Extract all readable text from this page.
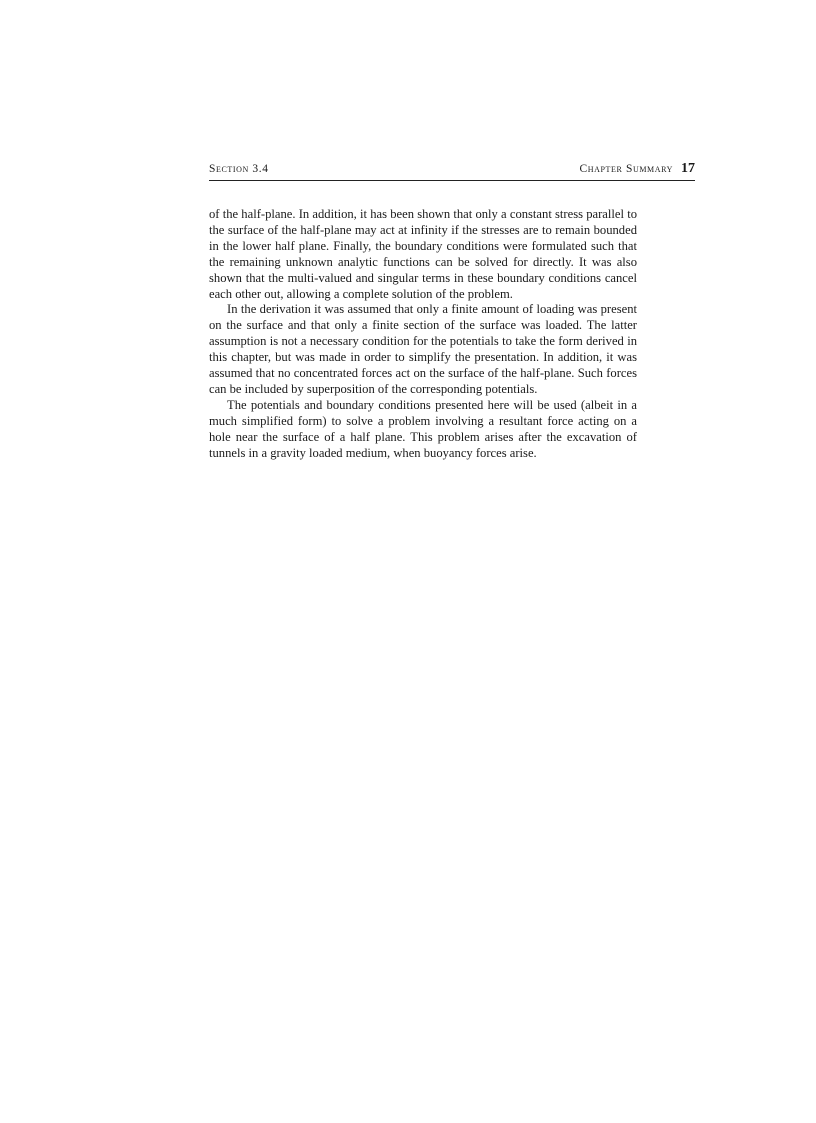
Section 3.4	Chapter Summary 17

of the half-plane. In addition, it has been shown that only a constant stress parallel to the surface of the half-plane may act at infinity if the stresses are to remain bounded in the lower half plane. Finally, the boundary conditions were formulated such that the remaining unknown analytic functions can be solved for directly. It was also shown that the multi-valued and singular terms in these boundary conditions cancel each other out, allowing a complete solution of the problem.

In the derivation it was assumed that only a finite amount of loading was present on the surface and that only a finite section of the surface was loaded. The latter assumption is not a necessary condition for the potentials to take the form derived in this chapter, but was made in order to simplify the presentation. In addition, it was assumed that no concentrated forces act on the surface of the half-plane. Such forces can be included by superposition of the corresponding potentials.

The potentials and boundary conditions presented here will be used (albeit in a much simplified form) to solve a problem involving a resultant force acting on a hole near the surface of a half plane. This problem arises after the excavation of tunnels in a gravity loaded medium, when buoyancy forces arise.
